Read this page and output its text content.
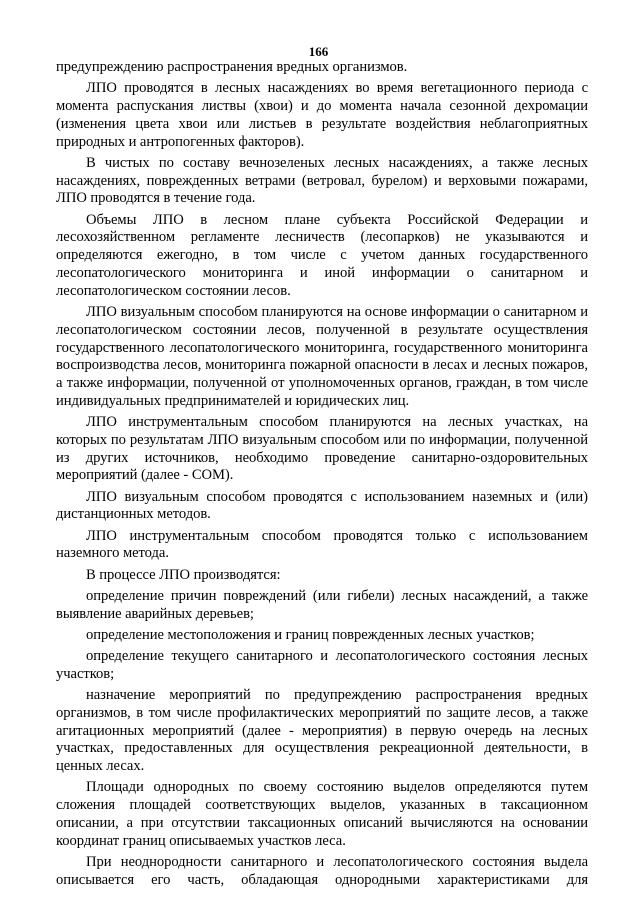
166

предупреждению распространения вредных организмов.

ЛПО проводятся в лесных насаждениях во время вегетационного периода с момента распускания листвы (хвои) и до момента начала сезонной дехромации (изменения цвета хвои или листьев в результате воздействия неблагоприятных природных и антропогенных факторов).

В чистых по составу вечнозеленых лесных насаждениях, а также лесных насаждениях, поврежденных ветрами (ветровал, бурелом) и верховыми пожарами, ЛПО проводятся в течение года.

Объемы ЛПО в лесном плане субъекта Российской Федерации и лесохозяйственном регламенте лесничеств (лесопарков) не указываются и определяются ежегодно, в том числе с учетом данных государственного лесопатологического мониторинга и иной информации о санитарном и лесопатологическом состоянии лесов.

ЛПО визуальным способом планируются на основе информации о санитарном и лесопатологическом состоянии лесов, полученной в результате осуществления государственного лесопатологического мониторинга, государственного мониторинга воспроизводства лесов, мониторинга пожарной опасности в лесах и лесных пожаров, а также информации, полученной от уполномоченных органов, граждан, в том числе индивидуальных предпринимателей и юридических лиц.

ЛПО инструментальным способом планируются на лесных участках, на которых по результатам ЛПО визуальным способом или по информации, полученной из других источников, необходимо проведение санитарно-оздоровительных мероприятий (далее - СОМ).

ЛПО визуальным способом проводятся с использованием наземных и (или) дистанционных методов.

ЛПО инструментальным способом проводятся только с использованием наземного метода.

В процессе ЛПО производятся:

определение причин повреждений (или гибели) лесных насаждений, а также выявление аварийных деревьев;

определение местоположения и границ поврежденных лесных участков;

определение текущего санитарного и лесопатологического состояния лесных участков;

назначение мероприятий по предупреждению распространения вредных организмов, в том числе профилактических мероприятий по защите лесов, а также агитационных мероприятий (далее - мероприятия) в первую очередь на лесных участках, предоставленных для осуществления рекреационной деятельности, в ценных лесах.

Площади однородных по своему состоянию выделов определяются путем сложения площадей соответствующих выделов, указанных в таксационном описании, а при отсутствии таксационных описаний вычисляются на основании координат границ описываемых участков леса.

При неоднородности санитарного и лесопатологического состояния выдела описывается его часть, обладающая однородными характеристиками для
